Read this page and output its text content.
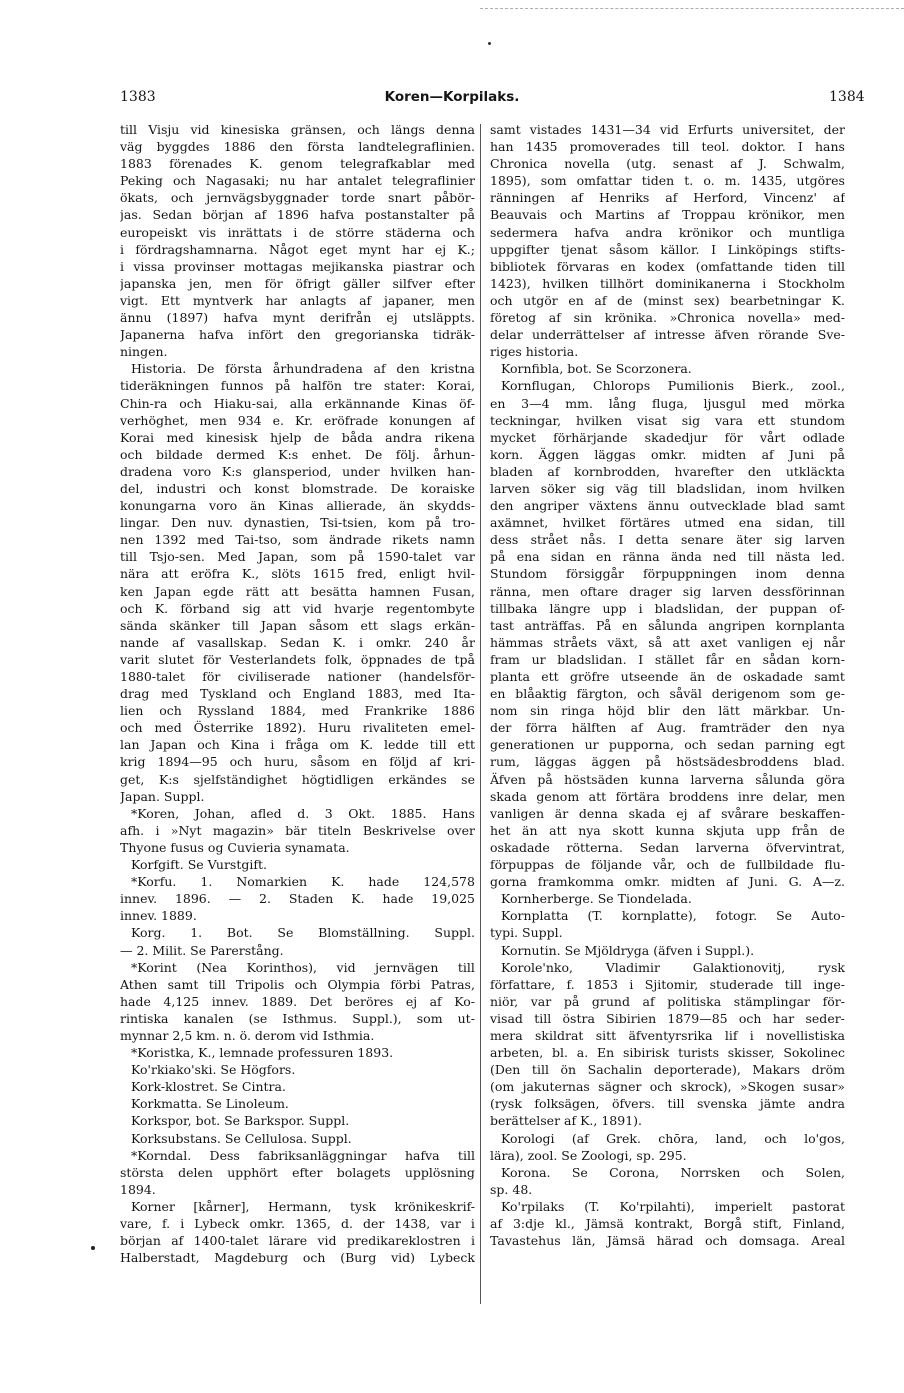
1383	Koren—Korpilaks.	1384
till Visju vid kinesiska gränsen, och längs denna
väg byggdes 1886 den första landtelegraflinien.
1883 förenades K. genom telegrafkablar med
Peking och Nagasaki; nu har antalet telegraflinier
ökats, och jernvägsbyggnader torde snart påbör-
jas. Sedan början af 1896 hafva postanstalter på
europeiskt vis inrättats i de större städerna och
i fördragshamnarna. Något eget mynt har ej K.;
i vissa provinser mottagas mejikanska piastrar och
japanska jen, men för öfrigt gäller silfver efter
vigt. Ett myntverk har anlagts af japaner, men
ännu (1897) hafva mynt derifrån ej utsläppts.
Japanerna hafva infört den gregorianska tidräk-
ningen.
Historia. De första århundradena af den kristna
tideräkningen funnos på halfön tre stater: Korai,
Chin-ra och Hiaku-sai, alla erkännande Kinas öf-
verhöghet, men 934 e. Kr. eröfrade konungen af
Korai med kinesisk hjelp de båda andra rikena
och bildade dermed K:s enhet. De följ. århun-
dradena voro K:s glansperiod, under hvilken han-
del, industri och konst blomstrade. De koraiske
konungarna voro än Kinas allierade, än skydds-
lingar. Den nuv. dynastien, Tsi-tsien, kom på tro-
nen 1392 med Tai-tso, som ändrade rikets namn
till Tsjo-sen. Med Japan, som på 1590-talet var
nära att eröfra K., slöts 1615 fred, enligt hvil-
ken Japan egde rätt att besätta hamnen Fusan,
och K. förband sig att vid hvarje regentombyte
sända skänker till Japan såsom ett slags erkän-
nande af vasallskap. Sedan K. i omkr. 240 år
varit slutet för Vesterlandets folk, öppnades de tpå
1880-talet för civiliserade nationer (handelsför-
drag med Tyskland och England 1883, med Ita-
lien och Ryssland 1884, med Frankrike 1886
och med Österrike 1892). Huru rivaliteten emel-
lan Japan och Kina i fråga om K. ledde till ett
krig 1894—95 och huru, såsom en följd af kri-
get, K:s sjelfständighet högtidligen erkändes se
Japan. Suppl.
*Koren, Johan, afled d. 3 Okt. 1885. Hans
afh. i »Nyt magazin» bär titeln Beskrivelse over
Thyone fusus og Cuvieria synamata.
Korfgift. Se Vurstgift.
*Korfu. 1. Nomarkien K. hade 124,578
innev. 1896. — 2. Staden K. hade 19,025
innev. 1889.
Korg. 1. Bot. Se Blomställning. Suppl.
— 2. Milit. Se Parerstång.
*Korint (Nea Korinthos), vid jernvägen till
Athen samt till Tripolis och Olympia förbi Patras,
hade 4,125 innev. 1889. Det beröres ej af Ko-
rintiska kanalen (se Isthmus. Suppl.), som ut-
mynnar 2,5 km. n. ö. derom vid Isthmia.
*Koristka, K., lemnade professuren 1893.
Ko'rkiako'ski. Se Högfors.
Kork-klostret. Se Cintra.
Korkmatta. Se Linoleum.
Korkspor, bot. Se Barkspor. Suppl.
Korksubstans. Se Cellulosa. Suppl.
*Korndal. Dess fabriksanläggningar hafva till
största delen upphört efter bolagets upplösning
1894.
Korner [kårner], Hermann, tysk krönikeskrif-
vare, f. i Lybeck omkr. 1365, d. der 1438, var i
början af 1400-talet lärare vid predikareklostren i
Halberstadt, Magdeburg och (Burg vid) Lybeck
samt vistades 1431—34 vid Erfurts universitet, der
han 1435 promoverades till teol. doktor. I hans
Chronica novella (utg. senast af J. Schwalm,
1895), som omfattar tiden t. o. m. 1435, utgöres
ränningen af Henriks af Herford, Vincenz' af
Beauvais och Martins af Troppau krönikor, men
sedermera hafva andra krönikor och muntliga
uppgifter tjenat såsom källor. I Linköpings stifts-
bibliotek förvaras en kodex (omfattande tiden till
1423), hvilken tillhört dominikanerna i Stockholm
och utgör en af de (minst sex) bearbetningar K.
företog af sin krönika. »Chronica novella» med-
delar underrättelser af intresse äfven rörande Sve-
riges historia.
Kornfibla, bot. Se Scorzonera.
Kornflugan, Chlorops Pumilionis Bierk., zool.,
en 3—4 mm. lång fluga, ljusgul med mörka
teckningar, hvilken visat sig vara ett stundom
mycket förhärjande skadedjur för vårt odlade
korn. Äggen läggas omkr. midten af Juni på
bladen af kornbrodden, hvarefter den utkläckta
larven söker sig väg till bladslidan, inom hvilken
den angriper växtens ännu outvecklade blad samt
axämnet, hvilket förtäres utmed ena sidan, till
dess strået nås. I detta senare äter sig larven
på ena sidan en ränna ända ned till nästa led.
Stundom försiggår förpuppningen inom denna
ränna, men oftare drager sig larven dessförinnan
tillbaka längre upp i bladslidan, der puppan of-
tast anträffas. På en sålunda angripen kornplanta
hämmas stråets växt, så att axet vanligen ej når
fram ur bladslidan. I stället får en sådan korn-
planta ett gröfre utseende än de oskadade samt
en blåaktig färgton, och såväl derigenom som ge-
nom sin ringa höjd blir den lätt märkbar. Un-
der förra hälften af Aug. framträder den nya
generationen ur pupporna, och sedan parning egt
rum, läggas äggen på höstsädesbroddens blad.
Äfven på höstsäden kunna larverna sålunda göra
skada genom att förtära broddens inre delar, men
vanligen är denna skada ej af svårare beskaffen-
het än att nya skott kunna skjuta upp från de
oskadade rötterna. Sedan larverna öfvervintrat,
förpuppas de följande vår, och de fullbildade flu-
gorna framkomma omkr. midten af Juni. G. A—z.
Kornherberge. Se Tiondelada.
Kornplatta (T. kornplatte), fotogr. Se Auto-
typi. Suppl.
Kornutin. Se Mjöldryga (äfven i Suppl.).
Korole'nko,	Vladimir	Galaktionovitj,	rysk
författare, f. 1853 i Sjitomir, studerade till inge-
niör, var på grund af politiska stämplingar för-
visad till östra Sibirien 1879—85 och har seder-
mera skildrat sitt äfventyrsrika lif i novellistiska
arbeten, bl. a. En sibirisk turists skisser, Sokolinec
(Den till ön Sachalin deporterade), Makars dröm
(om jakuternas sägner och skrock), »Skogen susar»
(rysk folksägen, öfvers. till svenska jämte andra
berättelser af K., 1891).
Korologi (af Grek. chōra, land, och lo'gos,
lära), zool. Se Zoologi, sp. 295.
Korona. Se Corona, Norrsken och Solen,
sp. 48.
Ko'rpilaks (T. Ko'rpilahti), imperielt pastorat
af 3:dje kl., Jämsä kontrakt, Borgå stift, Finland,
Tavastehus län, Jämsä härad och domsaga. Areal
